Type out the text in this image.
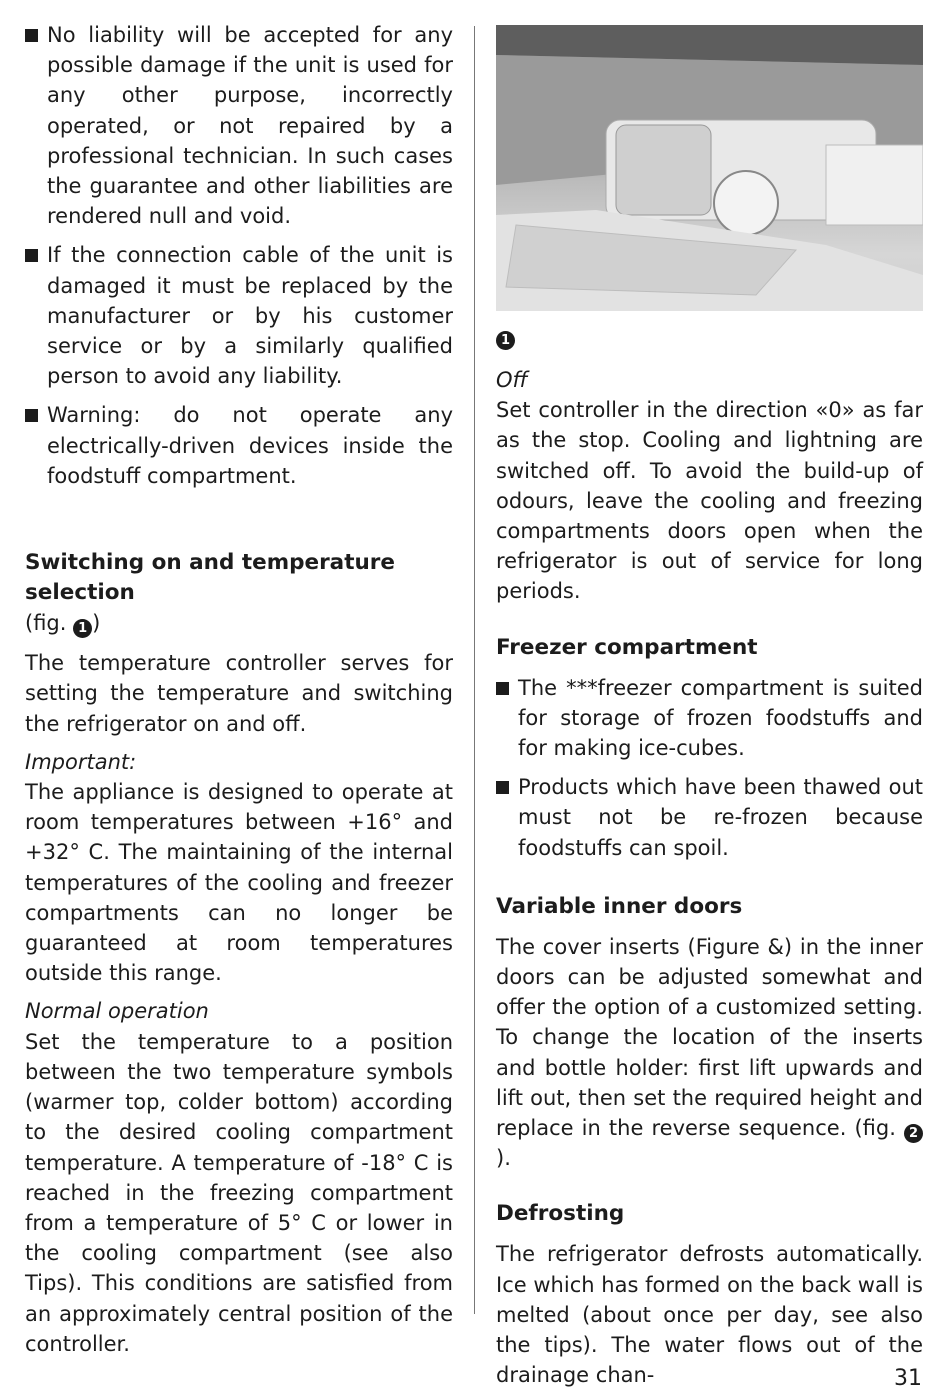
No liability will be accepted for any possible damage if the unit is used for any other purpose, incorrectly operated, or not repaired by a professional technician. In such cases the guarantee and other liabilities are rendered null and void.
If the connection cable of the unit is damaged it must be replaced by the manufacturer or by his customer service or by a similarly qualified person to avoid any liability.
Warning: do not operate any electrically-driven devices inside the foodstuff compartment.
Switching on and temperature selection

(fig. 1 )

The temperature controller serves for setting the temperature and switching the refrigerator on and off.

Important:

The appliance is designed to operate at room temperatures between +16° and +32° C. The maintaining of the internal temperatures of the cooling and freezer compartments can no longer be guaranteed at room temperatures outside this range.

Normal operation

Set the temperature to a position between the two temperature symbols (warmer top, colder bottom) according to the desired cooling compartment temperature. A temperature of -18° C is reached in the freezing compartment from a temperature of 5° C or lower in the cooling compartment (see also Tips). This conditions are satisfied from an approximately central position of the controller.

1

Off

Set controller in the direction «0» as far as the stop. Cooling and lightning are switched off. To avoid the build-up of odours, leave the cooling and freezing compartments doors open when the refrigerator is out of service for long periods.

Freezer compartment
The ***freezer compartment is suited for storage of frozen foodstuffs and for making ice-cubes.
Products which have been thawed out must not be re-frozen because foodstuffs can spoil.
Variable inner doors

The cover inserts (Figure &) in the inner doors can be adjusted somewhat and offer the option of a customized setting. To change the location of the inserts and bottle holder: first lift upwards and lift out, then set the required height and replace in the reverse sequence. (fig. 2).

Defrosting

The refrigerator defrosts automatically. Ice which has formed on the back wall is melted (about once per day, see also the tips). The water flows out of the drainage chan-	31
